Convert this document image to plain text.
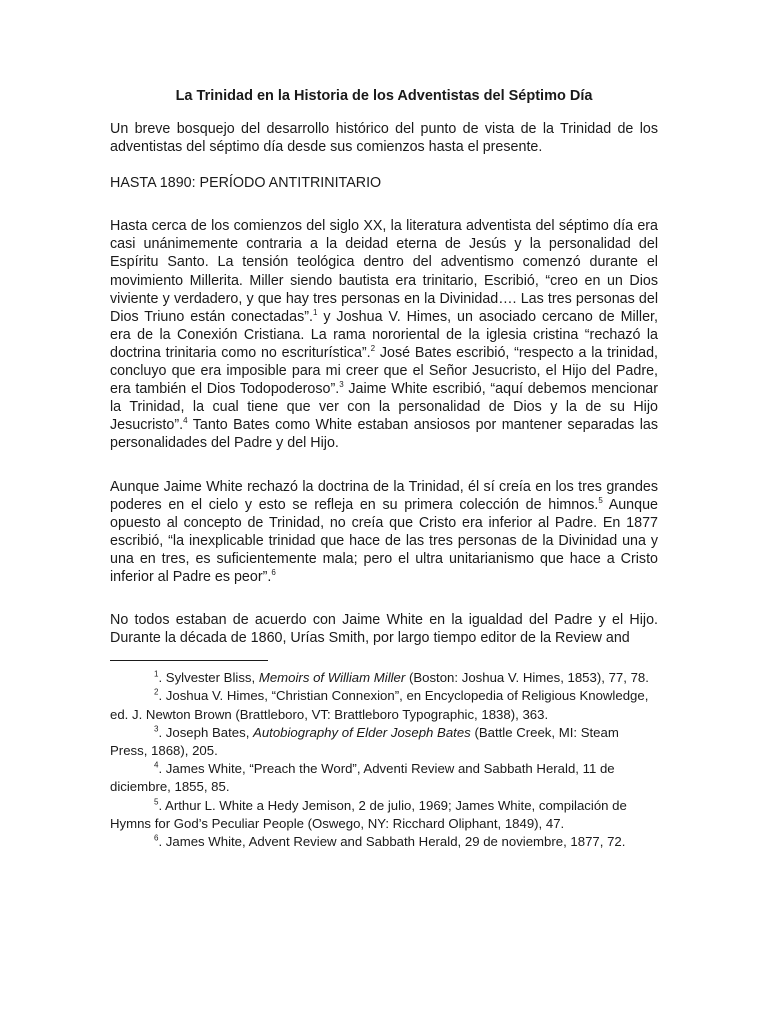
La Trinidad en la Historia de los Adventistas del Séptimo Día

Un breve bosquejo del desarrollo histórico del punto de vista de la Trinidad de los adventistas del séptimo día desde sus comienzos hasta el presente.

HASTA 1890: PERÍODO ANTITRINITARIO

Hasta cerca de los comienzos del siglo XX, la literatura adventista del séptimo día era casi unánimemente contraria a la deidad eterna de Jesús y la personalidad del Espíritu Santo. La tensión teológica dentro del adventismo comenzó durante el movimiento Millerita. Miller siendo bautista era trinitario, Escribió, “creo en un Dios viviente y verdadero, y que hay tres personas en la Divinidad…. Las tres personas del Dios Triuno están conectadas”.$^1$ y Joshua V. Himes, un asociado cercano de Miller, era de la Conexión Cristiana. La rama nororiental de la iglesia cristina “rechazó la doctrina trinitaria como no escriturística”.$^2$ José Bates escribió, “respecto a la trinidad, concluyo que era imposible para mi creer que el Señor Jesucristo, el Hijo del Padre, era también el Dios Todopoderoso”.$^3$ Jaime White escribió, “aquí debemos mencionar la Trinidad, la cual tiene que ver con la personalidad de Dios y la de su Hijo Jesucristo”.$^4$ Tanto Bates como White estaban ansiosos por mantener separadas las personalidades del Padre y del Hijo.

Aunque Jaime White rechazó la doctrina de la Trinidad, él sí creía en los tres grandes poderes en el cielo y esto se refleja en su primera colección de himnos.$^5$ Aunque opuesto al concepto de Trinidad, no creía que Cristo era inferior al Padre. En 1877 escribió, “la inexplicable trinidad que hace de las tres personas de la Divinidad una y una en tres, es suficientemente mala; pero el ultra unitarianismo que hace a Cristo inferior al Padre es peor”.$^6$

No todos estaban de acuerdo con Jaime White en la igualdad del Padre y el Hijo. Durante la década de 1860, Urías Smith, por largo tiempo editor de la Review and

$^1$. Sylvester Bliss, Memoirs of William Miller (Boston: Joshua V. Himes, 1853), 77, 78.
$^2$. Joshua V. Himes, “Christian Connexion”, en Encyclopedia of Religious Knowledge, ed. J. Newton Brown (Brattleboro, VT: Brattleboro Typographic, 1838), 363.
$^3$. Joseph Bates, Autobiography of Elder Joseph Bates (Battle Creek, MI: Steam Press, 1868), 205.
$^4$. James White, “Preach the Word”, Adventi Review and Sabbath Herald, 11 de diciembre, 1855, 85.
$^5$. Arthur L. White a Hedy Jemison, 2 de julio, 1969; James White, compilación de Hymns for God’s Peculiar People (Oswego, NY: Ricchard Oliphant, 1849), 47.
$^6$. James White, Advent Review and Sabbath Herald, 29 de noviembre, 1877, 72.
